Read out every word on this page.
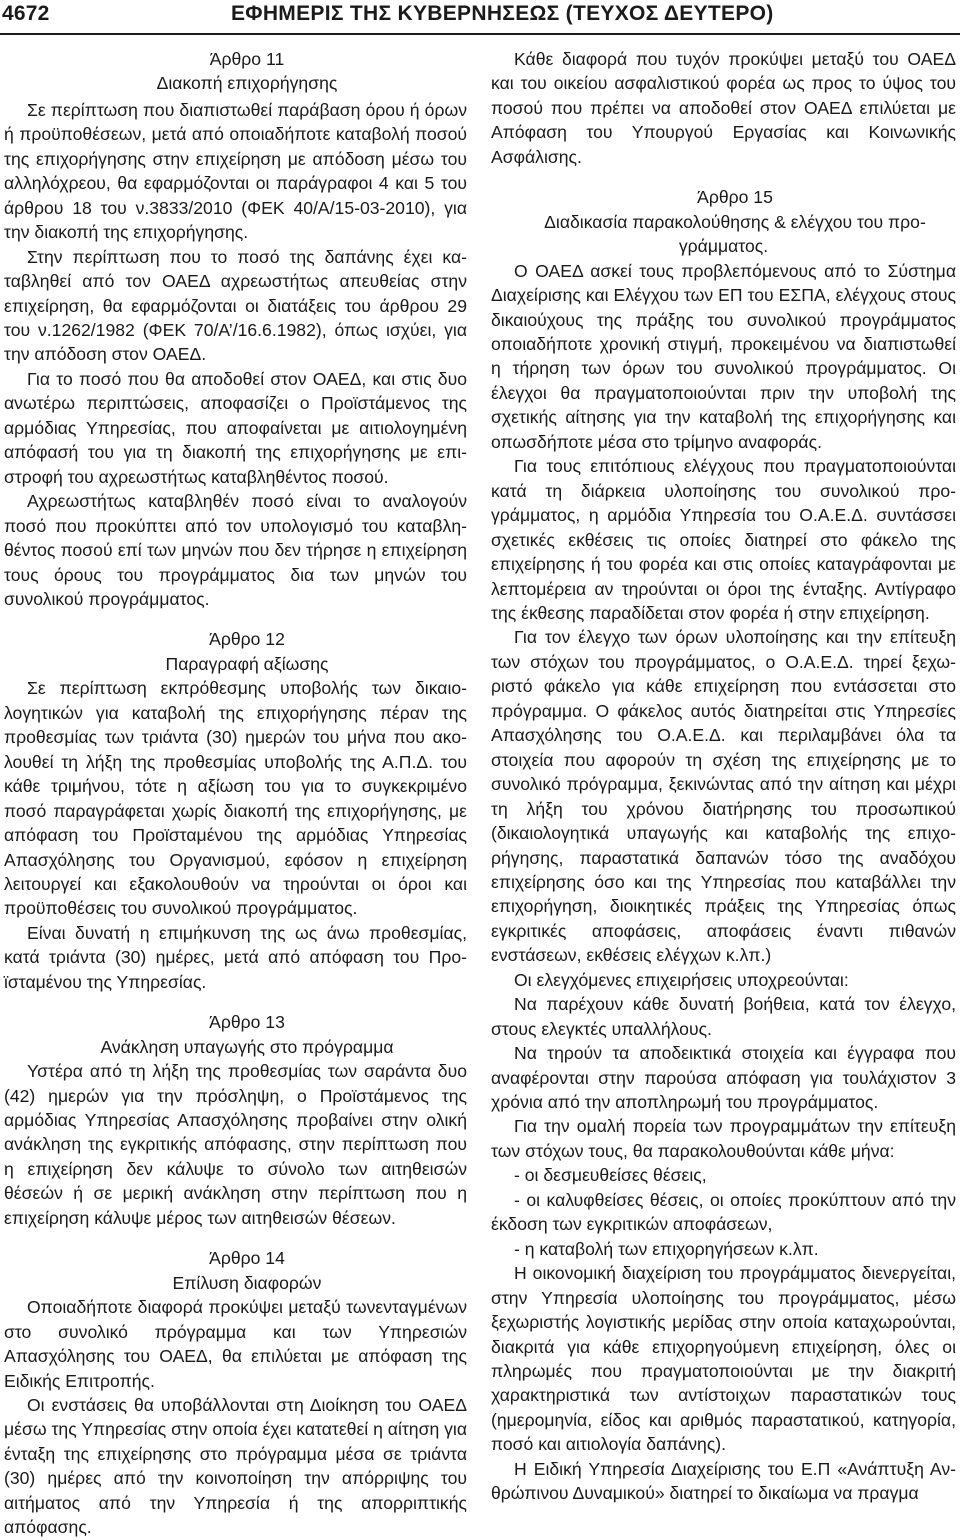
4672	ΕΦΗΜΕΡΙΣ ΤΗΣ ΚΥΒΕΡΝΗΣΕΩΣ (ΤΕΥΧΟΣ ΔΕΥΤΕΡΟ)

Άρθρο 11

Διακοπή επιχορήγησης

Σε περίπτωση που διαπιστωθεί παράβαση όρου ή όρων ή προϋποθέσεων, μετά από οποιαδήποτε καταβολή ποσού της επιχορήγησης στην επιχείρηση με απόδοση μέσω του αλληλόχρεου, θα εφαρμόζονται οι παράγραφοι 4 και 5 του άρθρου 18 του ν.3833/2010 (ΦΕΚ 40/Α/15-03-2010), για την διακοπή της επιχορήγησης.

Στην περίπτωση που το ποσό της δαπάνης έχει καταβληθεί από τον ΟΑΕΔ αχρεωστήτως απευθείας στην επιχείρηση, θα εφαρμόζονται οι διατάξεις του άρθρου 29 του ν.1262/1982 (ΦΕΚ 70/Α’/16.6.1982), όπως ισχύει, για την απόδοση στον ΟΑΕΔ.

Για το ποσό που θα αποδοθεί στον ΟΑΕΔ, και στις δυο ανωτέρω περιπτώσεις, αποφασίζει ο Προϊστάμενος της αρμόδιας Υπηρεσίας, που αποφαίνεται με αιτιολογημένη απόφασή του για τη διακοπή της επιχορήγησης με επιστροφή του αχρεωστήτως καταβληθέντος ποσού.

Αχρεωστήτως καταβληθέν ποσό είναι το αναλογούν ποσό που προκύπτει από τον υπολογισμό του καταβληθέντος ποσού επί των μηνών που δεν τήρησε η επιχείρηση τους όρους του προγράμματος δια των μηνών του συνολικού προγράμματος.

Άρθρο 12

Παραγραφή αξίωσης

Σε περίπτωση εκπρόθεσμης υποβολής των δικαιολογητικών για καταβολή της επιχορήγησης πέραν της προθεσμίας των τριάντα (30) ημερών του μήνα που ακολουθεί τη λήξη της προθεσμίας υποβολής της Α.Π.Δ. του κάθε τριμήνου, τότε η αξίωση του για το συγκεκριμένο ποσό παραγράφεται χωρίς διακοπή της επιχορήγησης, με απόφαση του Προϊσταμένου της αρμόδιας Υπηρεσίας Απασχόλησης του Οργανισμού, εφόσον η επιχείρηση λειτουργεί και εξακολουθούν να τηρούνται οι όροι και προϋποθέσεις του συνολικού προγράμματος.

Είναι δυνατή η επιμήκυνση της ως άνω προθεσμίας, κατά τριάντα (30) ημέρες, μετά από απόφαση του Προϊσταμένου της Υπηρεσίας.

Άρθρο 13

Ανάκληση υπαγωγής στο πρόγραμμα

Υστέρα από τη λήξη της προθεσμίας των σαράντα δυο (42) ημερών για την πρόσληψη, ο Προϊστάμενος της αρμόδιας Υπηρεσίας Απασχόλησης προβαίνει στην ολική ανάκληση της εγκριτικής απόφασης, στην περίπτωση που η επιχείρηση δεν κάλυψε το σύνολο των αιτηθεισών θέσεών ή σε μερική ανάκληση στην περίπτωση που η επιχείρηση κάλυψε μέρος των αιτηθεισών θέσεων.

Άρθρο 14

Επίλυση διαφορών

Οποιαδήποτε διαφορά προκύψει μεταξύ τωνενταγμένων στο συνολικό πρόγραμμα και των Υπηρεσιών Απασχόλησης του ΟΑΕΔ, θα επιλύεται με απόφαση της Ειδικής Επιτροπής.

Οι ενστάσεις θα υποβάλλονται στη Διοίκηση του ΟΑΕΔ μέσω της Υπηρεσίας στην οποία έχει κατατεθεί η αίτηση για ένταξη της επιχείρησης στο πρόγραμμα μέσα σε τριάντα (30) ημέρες από την κοινοποίηση την απόρριψης του αιτήματος από την Υπηρεσία ή της απορριπτικής απόφασης.

Κάθε διαφορά που τυχόν προκύψει μεταξύ του ΟΑΕΔ και του οικείου ασφαλιστικού φορέα ως προς το ύψος του ποσού που πρέπει να αποδοθεί στον ΟΑΕΔ επιλύεται με Απόφαση του Υπουργού Εργασίας και Κοινωνικής Ασφάλισης.

Άρθρο 15

Διαδικασία παρακολούθησης & ελέγχου του προγράμματος.

Ο ΟΑΕΔ ασκεί τους προβλεπόμενους από το Σύστημα Διαχείρισης και Ελέγχου των ΕΠ του ΕΣΠΑ, ελέγχους στους δικαιούχους της πράξης του συνολικού προγράμματος οποιαδήποτε χρονική στιγμή, προκειμένου να διαπιστωθεί η τήρηση των όρων του συνολικού προγράμματος. Οι έλεγχοι θα πραγματοποιούνται πριν την υποβολή της σχετικής αίτησης για την καταβολή της επιχορήγησης και οπωσδήποτε μέσα στο τρίμηνο αναφοράς.

Για τους επιτόπιους ελέγχους που πραγματοποιούνται κατά τη διάρκεια υλοποίησης του συνολικού προγράμματος, η αρμόδια Υπηρεσία του Ο.Α.Ε.Δ. συντάσσει σχετικές εκθέσεις τις οποίες διατηρεί στο φάκελο της επιχείρησης ή του φορέα και στις οποίες καταγράφονται με λεπτομέρεια αν τηρούνται οι όροι της ένταξης. Αντίγραφο της έκθεσης παραδίδεται στον φορέα ή στην επιχείρηση.

Για τον έλεγχο των όρων υλοποίησης και την επίτευξη των στόχων του προγράμματος, ο Ο.Α.Ε.Δ. τηρεί ξεχωριστό φάκελο για κάθε επιχείρηση που εντάσσεται στο πρόγραμμα. Ο φάκελος αυτός διατηρείται στις Υπηρεσίες Απασχόλησης του Ο.Α.Ε.Δ. και περιλαμβάνει όλα τα στοιχεία που αφορούν τη σχέση της επιχείρησης με το συνολικό πρόγραμμα, ξεκινώντας από την αίτηση και μέχρι τη λήξη του χρόνου διατήρησης του προσωπικού (δικαιολογητικά υπαγωγής και καταβολής της επιχορήγησης, παραστατικά δαπανών τόσο της αναδόχου επιχείρησης όσο και της Υπηρεσίας που καταβάλλει την επιχορήγηση, διοικητικές πράξεις της Υπηρεσίας όπως εγκριτικές αποφάσεις, αποφάσεις έναντι πιθανών ενστάσεων, εκθέσεις ελέγχων κ.λπ.)

Οι ελεγχόμενες επιχειρήσεις υποχρεούνται:

Να παρέχουν κάθε δυνατή βοήθεια, κατά τον έλεγχο, στους ελεγκτές υπαλλήλους.

Να τηρούν τα αποδεικτικά στοιχεία και έγγραφα που αναφέρονται στην παρούσα απόφαση για τουλάχιστον 3 χρόνια από την αποπληρωμή του προγράμματος.

Για την ομαλή πορεία των προγραμμάτων την επίτευξη των στόχων τους, θα παρακολουθούνται κάθε μήνα:

- οι δεσμευθείσες θέσεις,

- οι καλυφθείσες θέσεις, οι οποίες προκύπτουν από την έκδοση των εγκριτικών αποφάσεων,

- η καταβολή των επιχορηγήσεων κ.λπ.

Η οικονομική διαχείριση του προγράμματος διενεργείται, στην Υπηρεσία υλοποίησης του προγράμματος, μέσω ξεχωριστής λογιστικής μερίδας στην οποία καταχωρούνται, διακριτά για κάθε επιχορηγούμενη επιχείρηση, όλες οι πληρωμές που πραγματοποιούνται με την διακριτή χαρακτηριστικά των αντίστοιχων παραστατικών τους (ημερομηνία, είδος και αριθμός παραστατικού, κατηγορία, ποσό και αιτιολογία δαπάνης).

Η Ειδική Υπηρεσία Διαχείρισης του Ε.Π «Ανάπτυξη Ανθρώπινου Δυναμικού» διατηρεί το δικαίωμα να πραγμα
